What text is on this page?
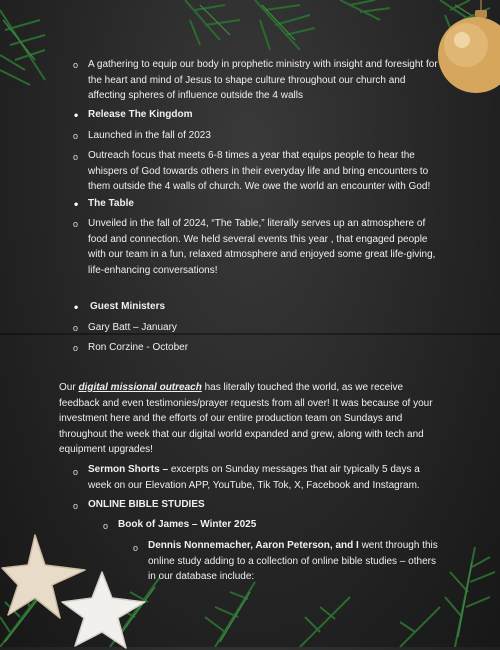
o A gathering to equip our body in prophetic ministry with insight and foresight for the heart and mind of Jesus to shape culture throughout our church and affecting spheres of influence outside the 4 walls
• Release The Kingdom
o Launched in the fall of 2023
o Outreach focus that meets 6-8 times a year that equips people to hear the whispers of God towards others in their everyday life and bring encounters to them outside the 4 walls of church. We owe the world an encounter with God!
• The Table
o Unveiled in the fall of 2024, “The Table,” literally serves up an atmosphere of food and connection. We held several events this year , that engaged people with our team in a fun, relaxed atmosphere and enjoyed some great life-giving, life-enhancing conversations!
• Guest Ministers
o Gary Batt – January
o Ron Corzine - October
Our digital missional outreach has literally touched the world, as we receive feedback and even testimonies/prayer requests from all over! It was because of your investment here and the efforts of our entire production team on Sundays and throughout the week that our digital world expanded and grew, along with tech and equipment upgrades!
o Sermon Shorts – excerpts on Sunday messages that air typically 5 days a week on our Elevation APP, YouTube, Tik Tok, X, Facebook and Instagram.
o ONLINE BIBLE STUDIES
o Book of James – Winter 2025
o Dennis Nonnemacher, Aaron Peterson, and I went through this online study adding to a collection of online bible studies – others in our database include:
